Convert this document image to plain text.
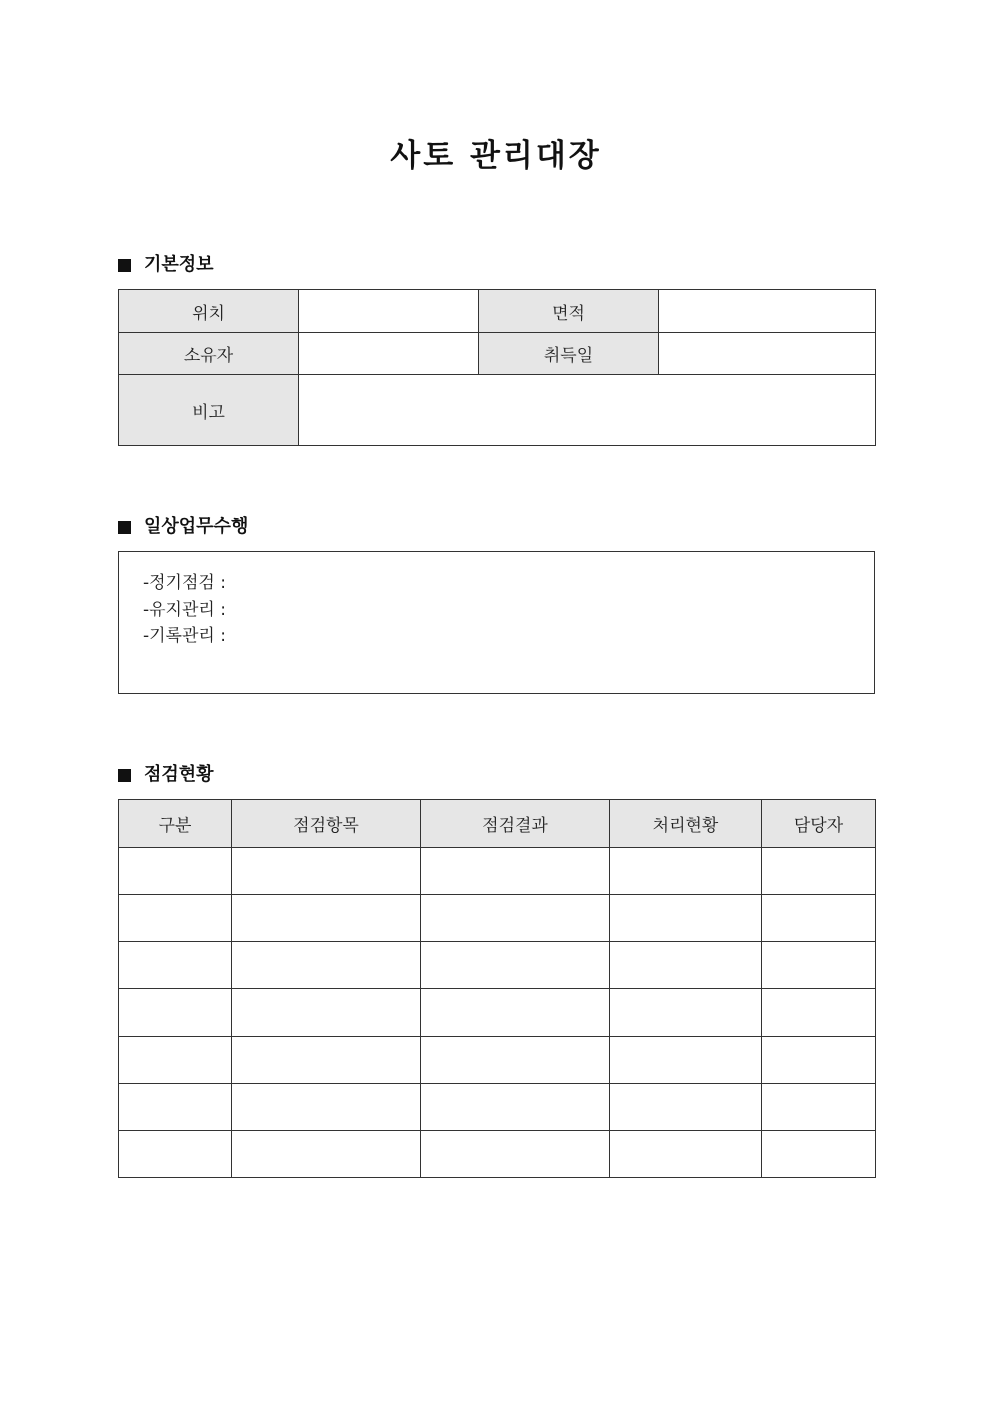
사토 관리대장
기본정보
위치		면적	
소유자		취득일	
비고			
일상업무수행
-정기점검 :
-유지관리 :
-기록관리 :
점검현황
구분	점검항목	점검결과	처리현황	담당자
